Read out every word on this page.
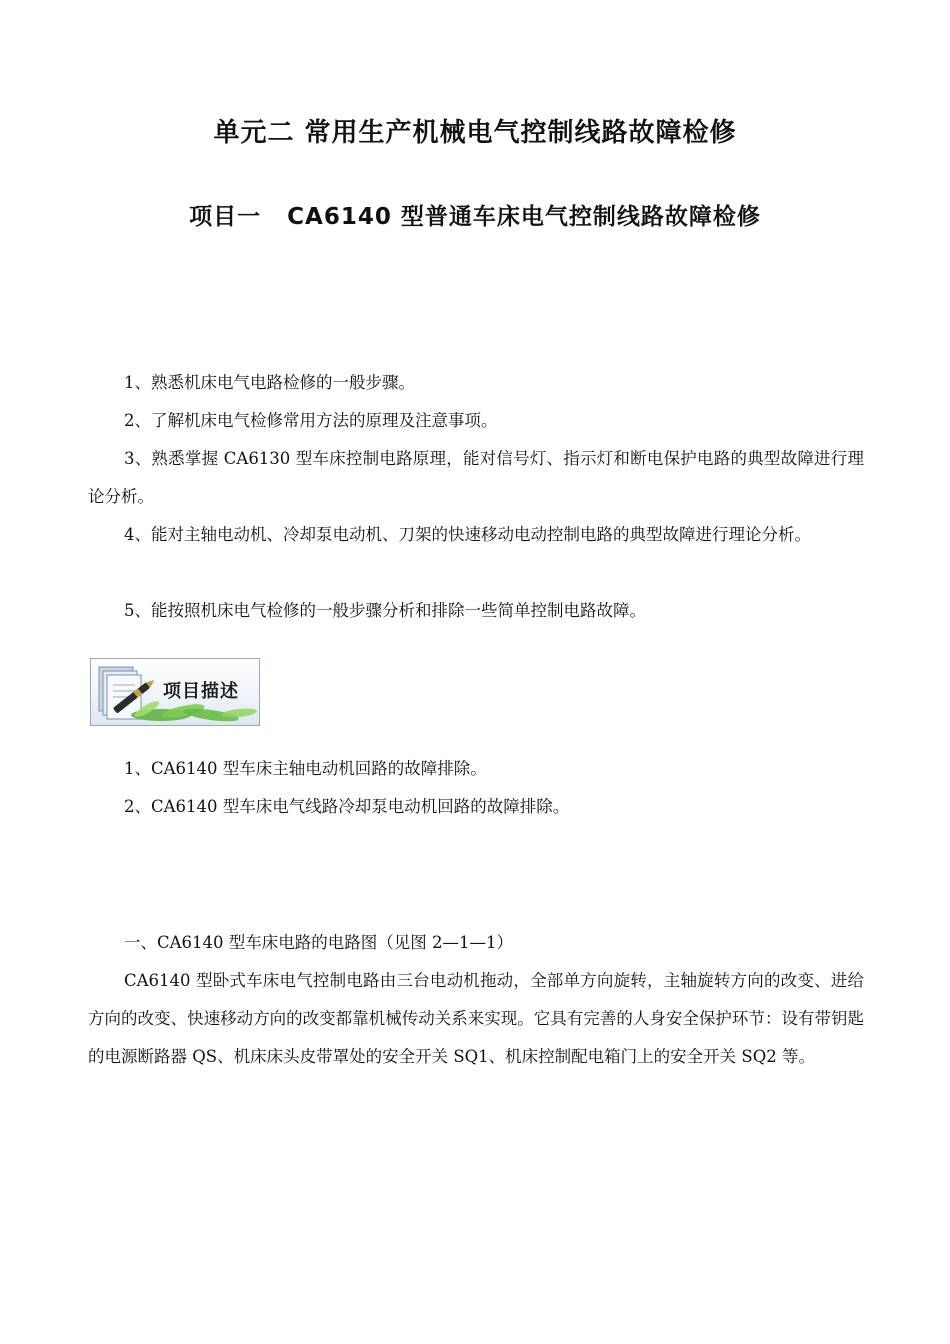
单元二 常用生产机械电气控制线路故障检修
项目一 CA6140 型普通车床电气控制线路故障检修

1、熟悉机床电气电路检修的一般步骤。

2、了解机床电气检修常用方法的原理及注意事项。

3、熟悉掌握 CA6130 型车床控制电路原理，能对信号灯、指示灯和断电保护电路的典型故障进行理论分析。

4、能对主轴电动机、冷却泵电动机、刀架的快速移动电动控制电路的典型故障进行理论分析。

5、能按照机床电气检修的一般步骤分析和排除一些简单控制电路故障。

项目描述

1、CA6140 型车床主轴电动机回路的故障排除。

2、CA6140 型车床电气线路冷却泵电动机回路的故障排除。

一、CA6140 型车床电路的电路图（见图 2—1—1）

CA6140 型卧式车床电气控制电路由三台电动机拖动，全部单方向旋转，主轴旋转方向的改变、进给方向的改变、快速移动方向的改变都靠机械传动关系来实现。它具有完善的人身安全保护环节：设有带钥匙的电源断路器 QS、机床床头皮带罩处的安全开关 SQ1、机床控制配电箱门上的安全开关 SQ2 等。
